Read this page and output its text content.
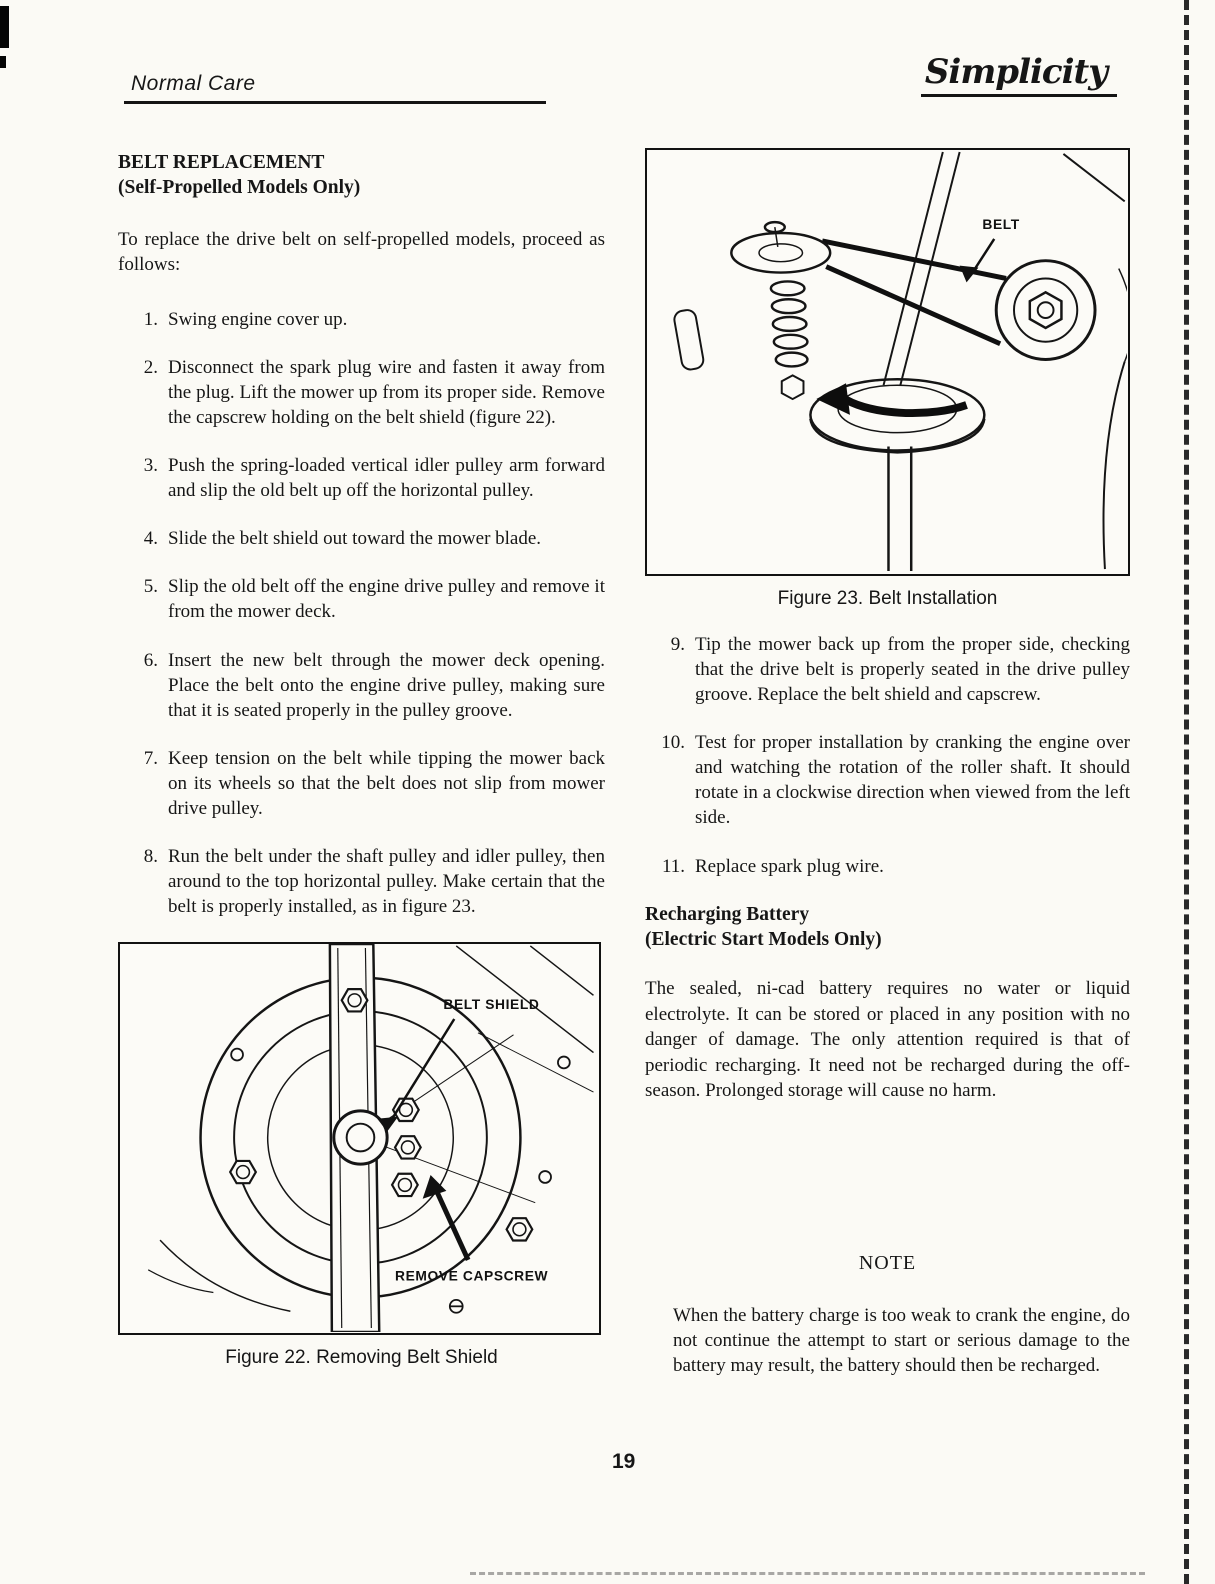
Normal Care	Simplicity
BELT REPLACEMENT
(Self-Propelled Models Only)

To replace the drive belt on self-propelled models, proceed as follows:

1. Swing engine cover up.
2. Disconnect the spark plug wire and fasten it away from the plug. Lift the mower up from its proper side. Remove the capscrew holding on the belt shield (figure 22).
3. Push the spring-loaded vertical idler pulley arm forward and slip the old belt up off the horizontal pulley.
4. Slide the belt shield out toward the mower blade.
5. Slip the old belt off the engine drive pulley and remove it from the mower deck.
6. Insert the new belt through the mower deck opening. Place the belt onto the engine drive pulley, making sure that it is seated properly in the pulley groove.
7. Keep tension on the belt while tipping the mower back on its wheels so that the belt does not slip from mower drive pulley.
8. Run the belt under the shaft pulley and idler pulley, then around to the top horizontal pulley. Make certain that the belt is properly installed, as in figure 23.
BELT SHIELD
REMOVE CAPSCREW
Figure 22. Removing Belt Shield
BELT
Figure 23. Belt Installation
9. Tip the mower back up from the proper side, checking that the drive belt is properly seated in the drive pulley groove. Replace the belt shield and capscrew.
10. Test for proper installation by cranking the engine over and watching the rotation of the roller shaft. It should rotate in a clockwise direction when viewed from the left side.
11. Replace spark plug wire.
Recharging Battery
(Electric Start Models Only)

The sealed, ni-cad battery requires no water or liquid electrolyte. It can be stored or placed in any position with no danger of damage. The only attention required is that of periodic recharging. It need not be recharged during the off-season. Prolonged storage will cause no harm.

NOTE

When the battery charge is too weak to crank the engine, do not continue the attempt to start or serious damage to the battery may result, the battery should then be recharged.

19
